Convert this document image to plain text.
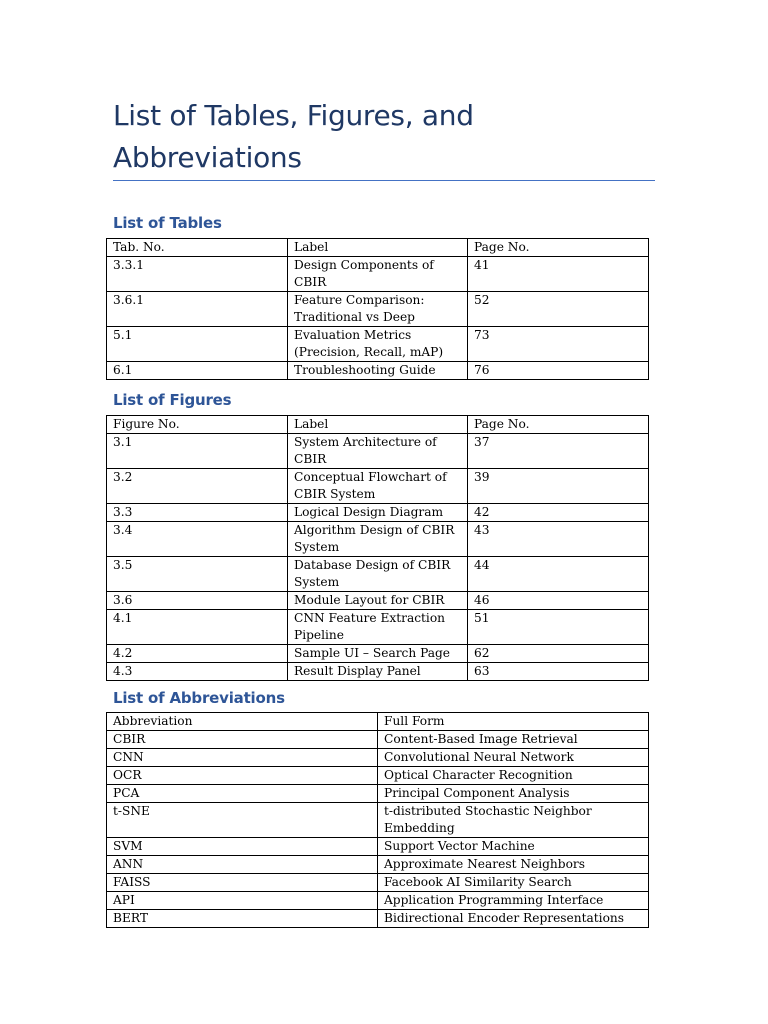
List of Tables, Figures, and
Abbreviations
List of Tables
Tab. No.	Label	Page No.
3.3.1	Design Components of CBIR	41
3.6.1	Feature Comparison: Traditional vs Deep	52
5.1	Evaluation Metrics (Precision, Recall, mAP)	73
6.1	Troubleshooting Guide	76
List of Figures
Figure No.	Label	Page No.
3.1	System Architecture of CBIR	37
3.2	Conceptual Flowchart of CBIR System	39
3.3	Logical Design Diagram	42
3.4	Algorithm Design of CBIR System	43
3.5	Database Design of CBIR System	44
3.6	Module Layout for CBIR	46
4.1	CNN Feature Extraction Pipeline	51
4.2	Sample UI – Search Page	62
4.3	Result Display Panel	63
List of Abbreviations
Abbreviation	Full Form
CBIR	Content-Based Image Retrieval
CNN	Convolutional Neural Network
OCR	Optical Character Recognition
PCA	Principal Component Analysis
t-SNE	t-distributed Stochastic Neighbor Embedding
SVM	Support Vector Machine
ANN	Approximate Nearest Neighbors
FAISS	Facebook AI Similarity Search
API	Application Programming Interface
BERT	Bidirectional Encoder Representations
